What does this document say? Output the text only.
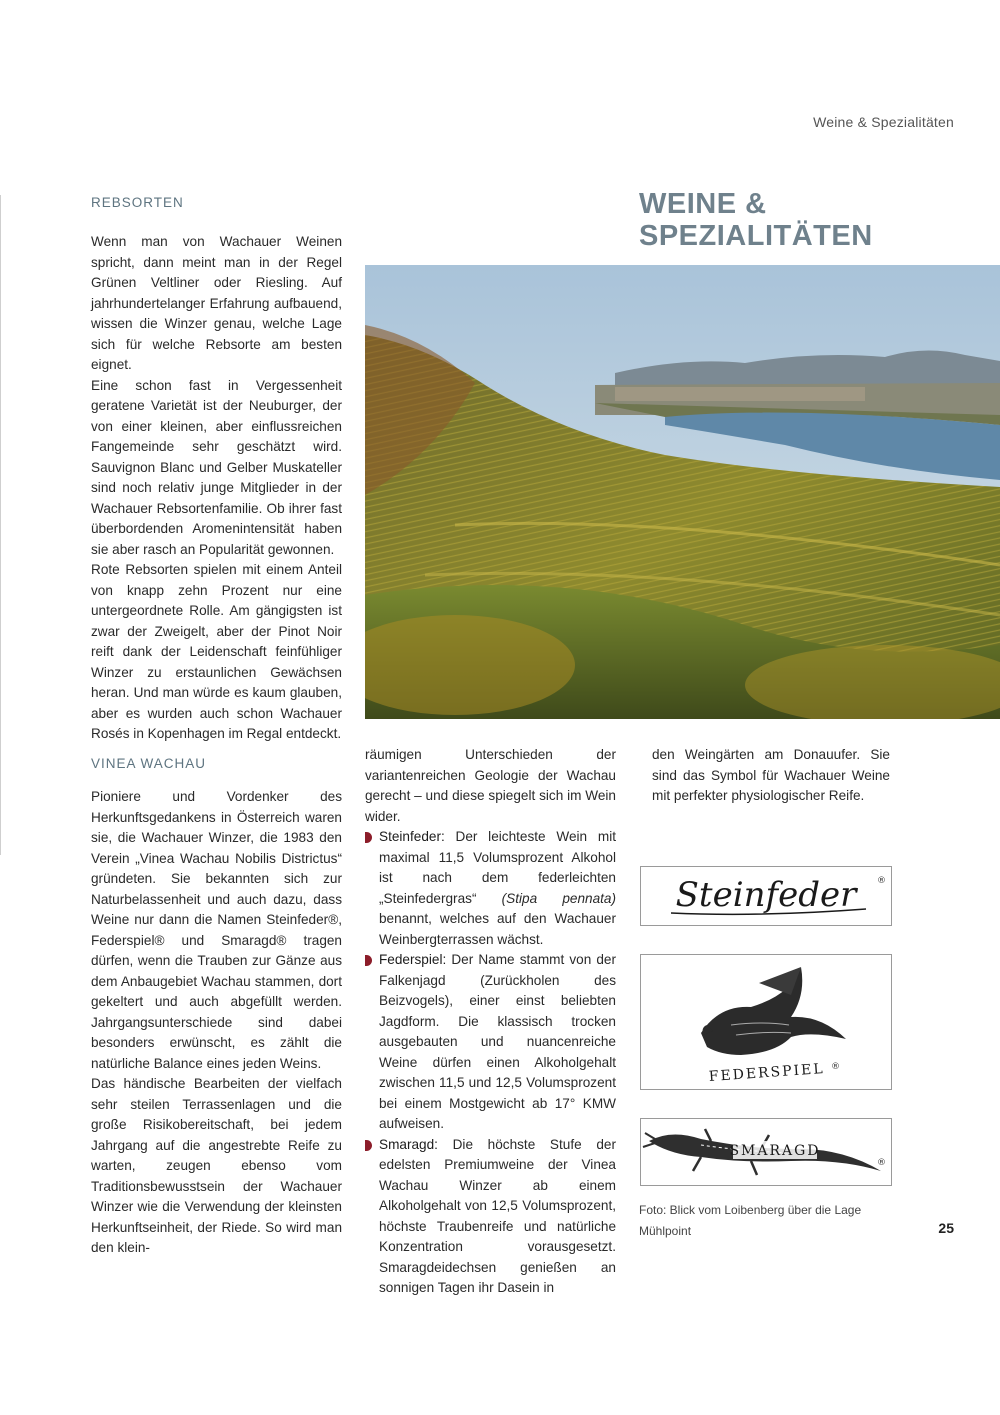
Weine & Spezialitäten
REBSORTEN

Wenn man von Wachauer Weinen spricht, dann meint man in der Regel Grünen Veltliner oder Riesling. Auf jahrhundertelanger Erfahrung aufbauend, wissen die Winzer genau, welche Lage sich für welche Rebsorte am besten eignet.

Eine schon fast in Vergessenheit geratene Varietät ist der Neuburger, der von einer kleinen, aber einflussreichen Fangemeinde sehr geschätzt wird. Sauvignon Blanc und Gelber Muskateller sind noch relativ junge Mitglieder in der Wachauer Rebsortenfamilie. Ob ihrer fast überbordenden Aromenintensität haben sie aber rasch an Popularität gewonnen.

Rote Rebsorten spielen mit einem Anteil von knapp zehn Prozent nur eine untergeordnete Rolle. Am gängigsten ist zwar der Zweigelt, aber der Pinot Noir reift dank der Leidenschaft feinfühliger Winzer zu erstaunlichen Gewächsen heran. Und man würde es kaum glauben, aber es wurden auch schon Wachauer Rosés in Kopenhagen im Regal entdeckt.

VINEA WACHAU

Pioniere und Vordenker des Herkunftsgedankens in Österreich waren sie, die Wachauer Winzer, die 1983 den Verein „Vinea Wachau Nobilis Districtus“ gründeten. Sie bekannten sich zur Naturbelassenheit und auch dazu, dass Weine nur dann die Namen Steinfeder®, Federspiel® und Smaragd® tragen dürfen, wenn die Trauben zur Gänze aus dem Anbaugebiet Wachau stammen, dort gekeltert und auch abgefüllt werden. Jahrgangsunterschiede sind dabei besonders erwünscht, es zählt die natürliche Balance eines jeden Weins.

Das händische Bearbeiten der vielfach sehr steilen Terrassenlagen und die große Risikobereitschaft, bei jedem Jahrgang auf die angestrebte Reife zu warten, zeugen ebenso vom Traditionsbewusstsein der Wachauer Winzer wie die Verwendung der kleinsten Herkunftseinheit, der Riede. So wird man den klein-

WEINE &
SPEZIALITÄTEN

räumigen Unterschieden der variantenreichen Geologie der Wachau gerecht – und diese spiegelt sich im Wein wider.

Steinfeder: Der leichteste Wein mit maximal 11,5 Volumsprozent Alkohol ist nach dem federleichten „Steinfedergras“ (Stipa pennata) benannt, welches auf den Wachauer Weinbergterrassen wächst.

Federspiel: Der Name stammt von der Falkenjagd (Zurückholen des Beizvogels), einer einst beliebten Jagdform. Die klassisch trocken ausgebauten und nuancenreiche Weine dürfen einen Alkoholgehalt zwischen 11,5 und 12,5 Volumsprozent bei einem Mostgewicht ab 17° KMW aufweisen.

Smaragd: Die höchste Stufe der edelsten Premiumweine der Vinea Wachau Winzer ab einem Alkoholgehalt von 12,5 Volumsprozent, höchste Traubenreife und natürliche Konzentration vorausgesetzt. Smaragdeidechsen genießen an sonnigen Tagen ihr Dasein in

den Weingärten am Donauufer. Sie sind das Symbol für Wachauer Weine mit perfekter physiologischer Reife.

Steinfeder ®
FEDERSPIEL ®
SMARAGD
®
Foto: Blick vom Loibenberg über die Lage Mühlpoint	25
